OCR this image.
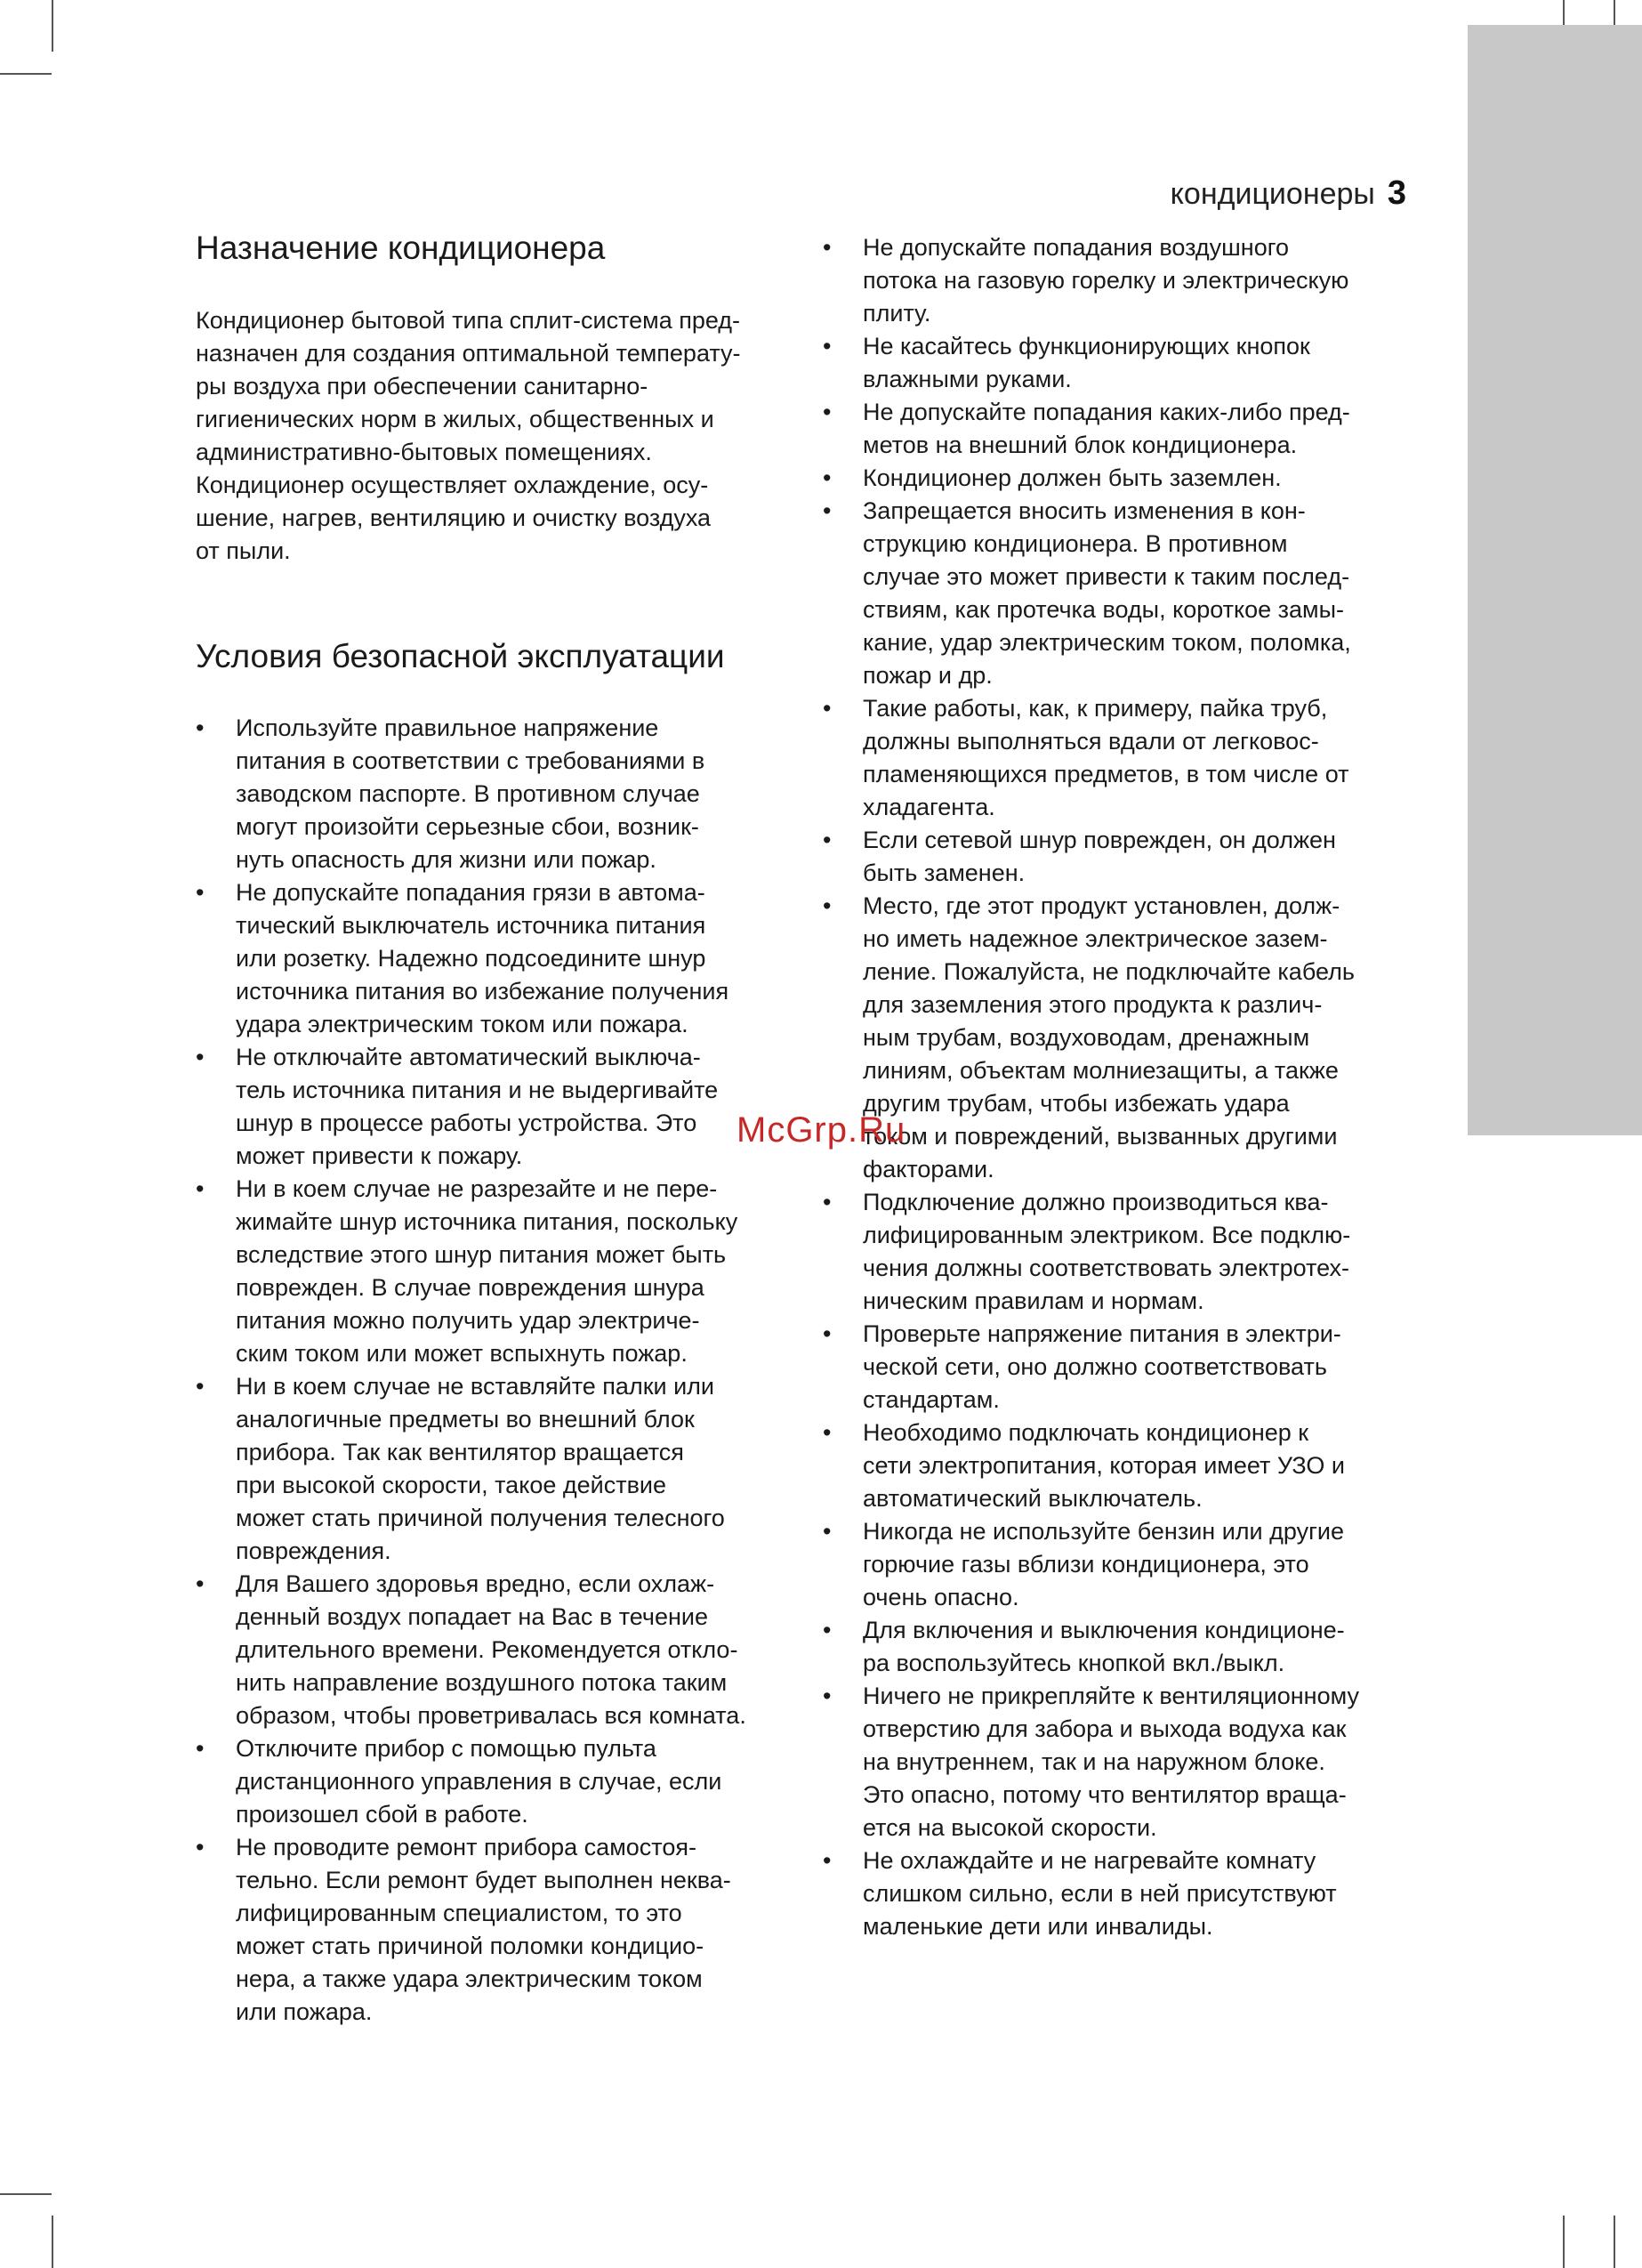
кондиционеры 3
Назначение кондиционера

Кондиционер бытовой типа сплит-система пред-
назначен для создания оптимальной температу-
ры воздуха при обеспечении санитарно-
гигиенических норм в жилых, общественных и
административно-бытовых помещениях.
Кондиционер осуществляет охлаждение, осу-
шение, нагрев, вентиляцию и очистку воздуха
от пыли.

Условия безопасной эксплуатации
• Используйте правильное напряжение
питания в соответствии с требованиями в
заводском паспорте. В противном случае
могут произойти серьезные сбои, возник-
нуть опасность для жизни или пожар.
• Не допускайте попадания грязи в автома-
тический выключатель источника питания
или розетку. Надежно подсоедините шнур
источника питания во избежание получения
удара электрическим током или пожара.
• Не отключайте автоматический выключа-
тель источника питания и не выдергивайте
шнур в процессе работы устройства. Это
может привести к пожару.
• Ни в коем случае не разрезайте и не пере-
жимайте шнур источника питания, поскольку
вследствие этого шнур питания может быть
поврежден. В случае повреждения шнура
питания можно получить удар электриче-
ским током или может вспыхнуть пожар.
• Ни в коем случае не вставляйте палки или
аналогичные предметы во внешний блок
прибора. Так как вентилятор вращается
при высокой скорости, такое действие
может стать причиной получения телесного
повреждения.
• Для Вашего здоровья вредно, если охлаж-
денный воздух попадает на Вас в течение
длительного времени. Рекомендуется откло-
нить направление воздушного потока таким
образом, чтобы проветривалась вся комната.
• Отключите прибор с помощью пульта
дистанционного управления в случае, если
произошел сбой в работе.
• Не проводите ремонт прибора самостоя-
тельно. Если ремонт будет выполнен неква-
лифицированным специалистом, то это
может стать причиной поломки кондицио-
нера, а также удара электрическим током
или пожара.
• Не допускайте попадания воздушного
потока на газовую горелку и электрическую
плиту.
• Не касайтесь функционирующих кнопок
влажными руками.
• Не допускайте попадания каких-либо пред-
метов на внешний блок кондиционера.
• Кондиционер должен быть заземлен.
• Запрещается вносить изменения в кон-
струкцию кондиционера. В противном
случае это может привести к таким послед-
ствиям, как протечка воды, короткое замы-
кание, удар электрическим током, поломка,
пожар и др.
• Такие работы, как, к примеру, пайка труб,
должны выполняться вдали от легковос-
пламеняющихся предметов, в том числе от
хладагента.
• Если сетевой шнур поврежден, он должен
быть заменен.
• Место, где этот продукт установлен, долж-
но иметь надежное электрическое зазем-
ление. Пожалуйста, не подключайте кабель
для заземления этого продукта к различ-
ным трубам, воздуховодам, дренажным
линиям, объектам молниезащиты, а также
другим трубам, чтобы избежать удара
током и повреждений, вызванных другими
факторами.
• Подключение должно производиться ква-
лифицированным электриком. Все подклю-
чения должны соответствовать электротех-
ническим правилам и нормам.
• Проверьте напряжение питания в электри-
ческой сети, оно должно соответствовать
стандартам.
• Необходимо подключать кондиционер к
сети электропитания, которая имеет УЗО и
автоматический выключатель.
• Никогда не используйте бензин или другие
горючие газы вблизи кондиционера, это
очень опасно.
• Для включения и выключения кондиционе-
ра воспользуйтесь кнопкой вкл./выкл.
• Ничего не прикрепляйте к вентиляционному
отверстию для забора и выхода водуха как
на внутреннем, так и на наружном блоке.
Это опасно, потому что вентилятор враща-
ется на высокой скорости.
• Не охлаждайте и не нагревайте комнату
слишком сильно, если в ней присутствуют
маленькие дети или инвалиды.
McGrp.Ru
